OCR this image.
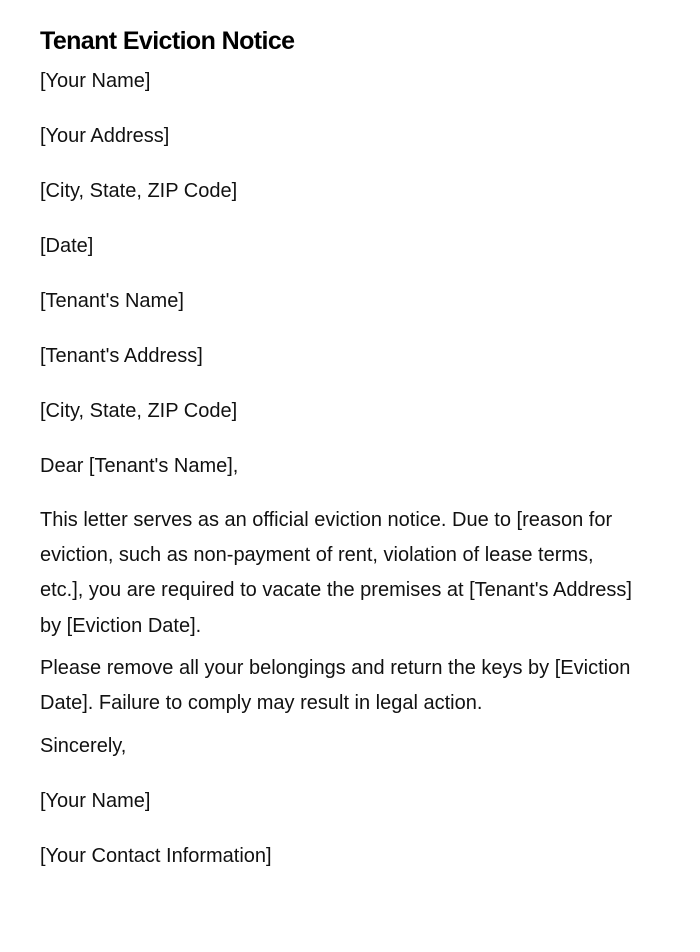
Tenant Eviction Notice
[Your Name]
[Your Address]
[City, State, ZIP Code]
[Date]
[Tenant's Name]
[Tenant's Address]
[City, State, ZIP Code]
Dear [Tenant's Name],

This letter serves as an official eviction notice. Due to [reason for eviction, such as non-payment of rent, violation of lease terms, etc.], you are required to vacate the premises at [Tenant's Address] by [Eviction Date].

Please remove all your belongings and return the keys by [Eviction Date]. Failure to comply may result in legal action.

Sincerely,
[Your Name]
[Your Contact Information]
